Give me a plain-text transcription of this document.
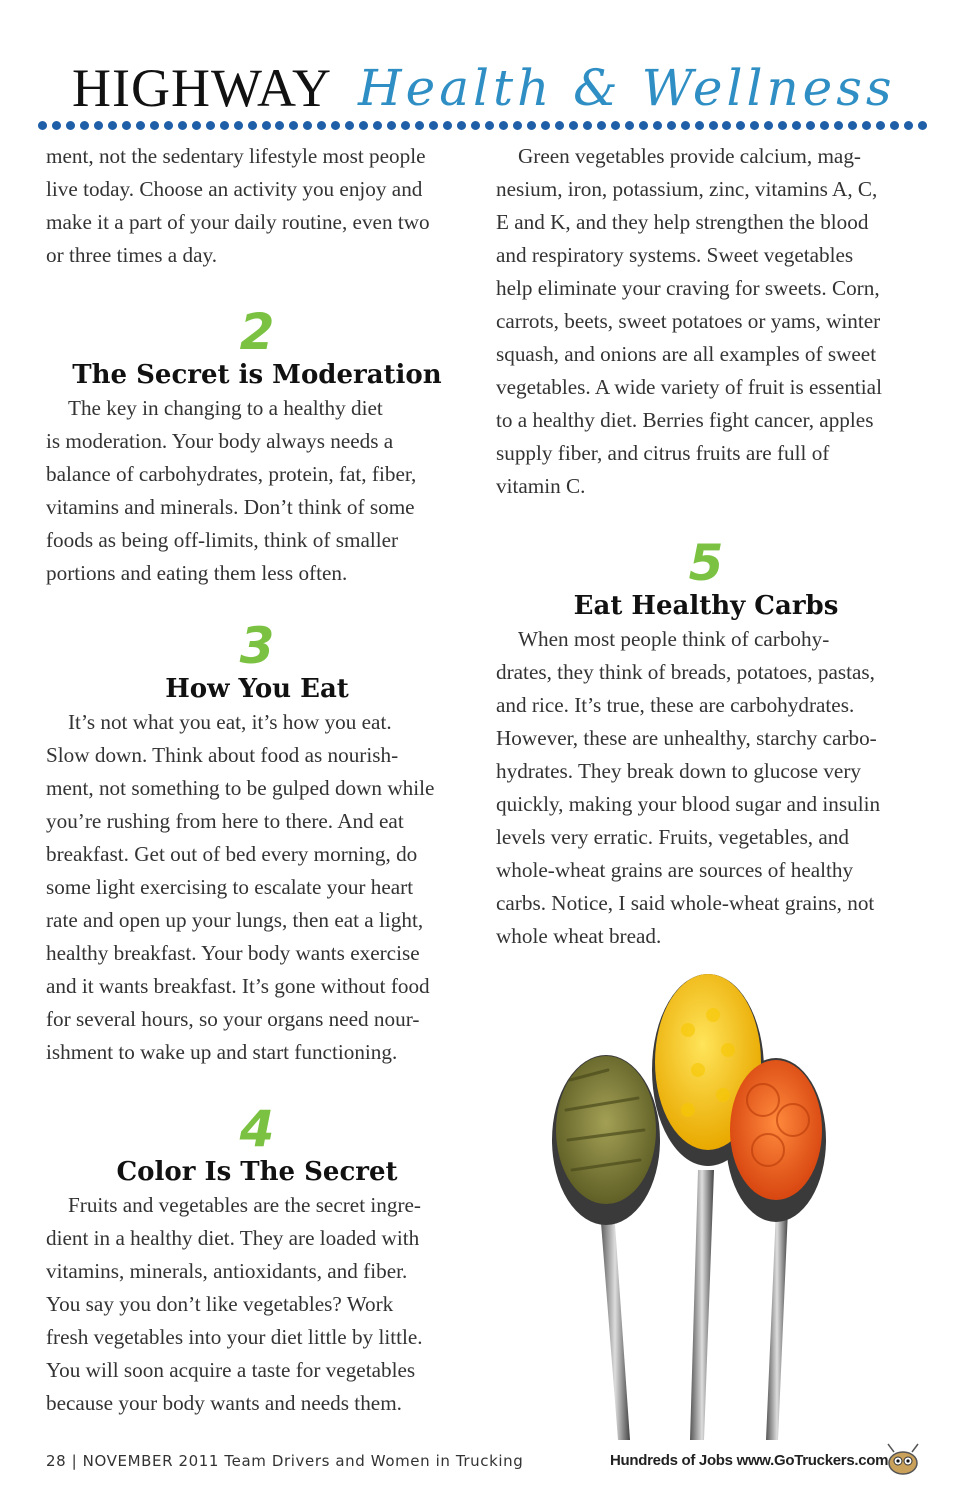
HIGHWAY Health & Wellness

ment, not the sedentary lifestyle most people

live today. Choose an activity you enjoy and

make it a part of your daily routine, even two

or three times a day.

2
The Secret is Moderation

The key in changing to a healthy diet

is moderation. Your body always needs a

balance of carbohydrates, protein, fat, fiber,

vitamins and minerals. Don’t think of some

foods as being off-limits, think of smaller

portions and eating them less often.

3
How You Eat

It’s not what you eat, it’s how you eat.

Slow down. Think about food as nourish-

ment, not something to be gulped down while

you’re rushing from here to there. And eat

breakfast. Get out of bed every morning, do

some light exercising to escalate your heart

rate and open up your lungs, then eat a light,

healthy breakfast. Your body wants exercise

and it wants breakfast. It’s gone without food

for several hours, so your organs need nour-

ishment to wake up and start functioning.

4
Color Is The Secret

Fruits and vegetables are the secret ingre-

dient in a healthy diet. They are loaded with

vitamins, minerals, antioxidants, and fiber.

You say you don’t like vegetables? Work

fresh vegetables into your diet little by little.

You will soon acquire a taste for vegetables

because your body wants and needs them.

Green vegetables provide calcium, mag-

nesium, iron, potassium, zinc, vitamins A, C,

E and K, and they help strengthen the blood

and respiratory systems. Sweet vegetables

help eliminate your craving for sweets. Corn,

carrots, beets, sweet potatoes or yams, winter

squash, and onions are all examples of sweet

vegetables. A wide variety of fruit is essential

to a healthy diet. Berries fight cancer, apples

supply fiber, and citrus fruits are full of

vitamin C.

5
Eat Healthy Carbs

When most people think of carbohy-

drates, they think of breads, potatoes, pastas,

and rice. It’s true, these are carbohydrates.

However, these are unhealthy, starchy carbo-

hydrates. They break down to glucose very

quickly, making your blood sugar and insulin

levels very erratic. Fruits, vegetables, and

whole-wheat grains are sources of healthy

carbs. Notice, I said whole-wheat grains, not

whole wheat bread.

28 | NOVEMBER 2011 Team Drivers and Women in Trucking	Hundreds of Jobs www.GoTruckers.com
